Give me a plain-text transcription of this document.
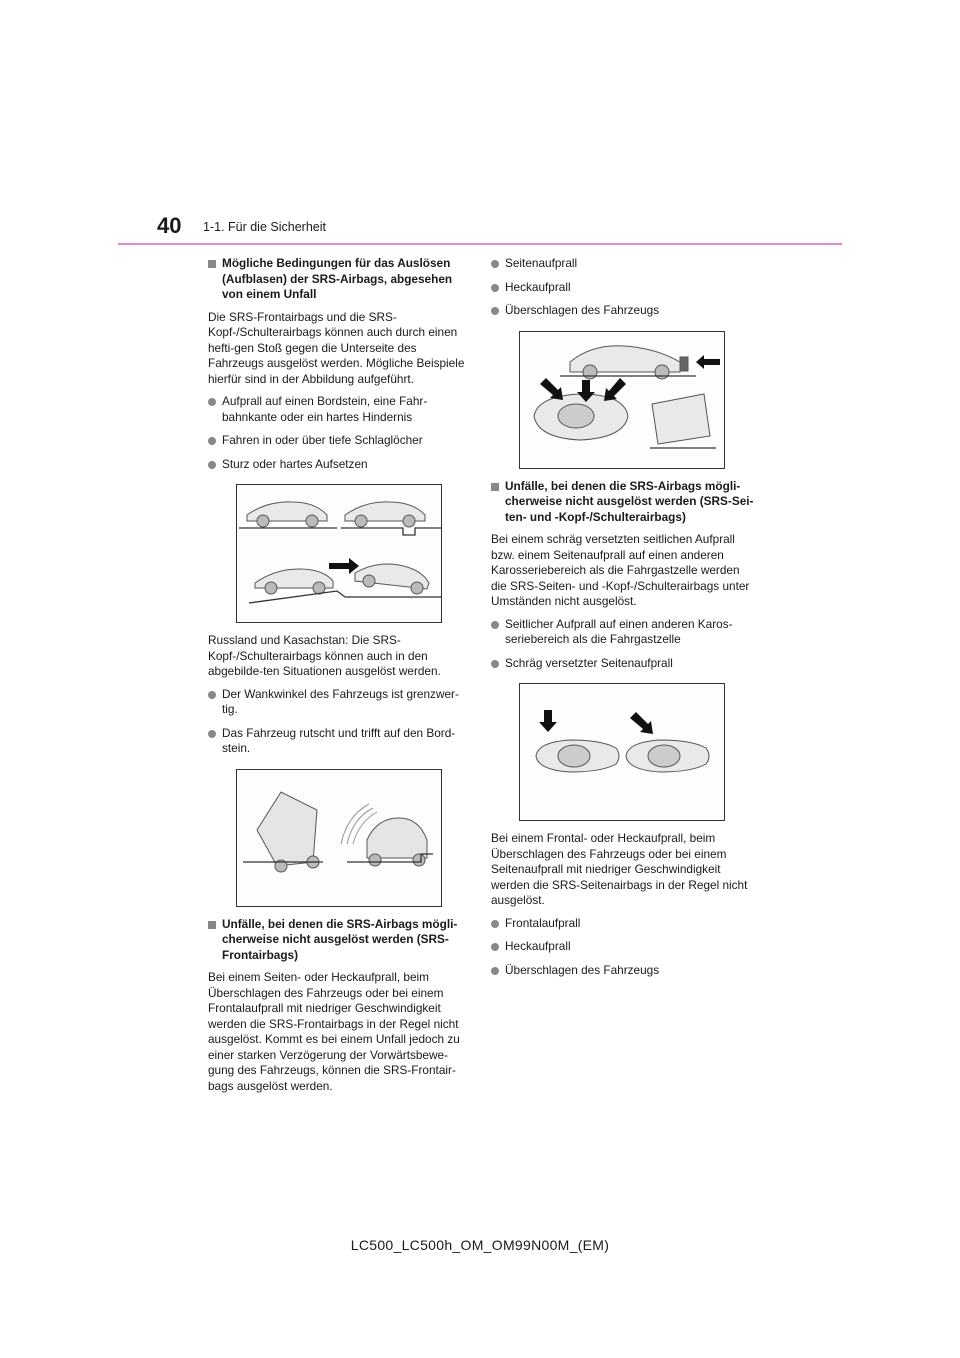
40 1-1. Für die Sicherheit
Mögliche Bedingungen für das Auslösen (Aufblasen) der SRS-Airbags, abgesehen von einem Unfall
Die SRS-Frontairbags und die SRS-Kopf-/Schulterairbags können auch durch einen hefti-gen Stoß gegen die Unterseite des Fahrzeugs ausgelöst werden. Mögliche Beispiele hierfür sind in der Abbildung aufgeführt.
Aufprall auf einen Bordstein, eine Fahr-bahnkante oder ein hartes Hindernis
Fahren in oder über tiefe Schlaglöcher
Sturz oder hartes Aufsetzen
Russland und Kasachstan: Die SRS-Kopf-/Schulterairbags können auch in den abgebilde-ten Situationen ausgelöst werden.
Der Wankwinkel des Fahrzeugs ist grenzwer-tig.
Das Fahrzeug rutscht und trifft auf den Bord-stein.
Unfälle, bei denen die SRS-Airbags mögli-cherweise nicht ausgelöst werden (SRS-Frontairbags)
Bei einem Seiten- oder Heckaufprall, beim Überschlagen des Fahrzeugs oder bei einem Frontalaufprall mit niedriger Geschwindigkeit werden die SRS-Frontairbags in der Regel nicht ausgelöst. Kommt es bei einem Unfall jedoch zu einer starken Verzögerung der Vorwärtsbewe-gung des Fahrzeugs, können die SRS-Frontair-bags ausgelöst werden.
Seitenaufprall
Heckaufprall
Überschlagen des Fahrzeugs
Unfälle, bei denen die SRS-Airbags mögli-cherweise nicht ausgelöst werden (SRS-Sei-ten- und -Kopf-/Schulterairbags)
Bei einem schräg versetzten seitlichen Aufprall bzw. einem Seitenaufprall auf einen anderen Karosseriebereich als die Fahrgastzelle werden die SRS-Seiten- und -Kopf-/Schulterairbags unter Umständen nicht ausgelöst.
Seitlicher Aufprall auf einen anderen Karos-seriebereich als die Fahrgastzelle
Schräg versetzter Seitenaufprall
Bei einem Frontal- oder Heckaufprall, beim Überschlagen des Fahrzeugs oder bei einem Seitenaufprall mit niedriger Geschwindigkeit werden die SRS-Seitenairbags in der Regel nicht ausgelöst.
Frontalaufprall
Heckaufprall
Überschlagen des Fahrzeugs
LC500_LC500h_OM_OM99N00M_(EM)
